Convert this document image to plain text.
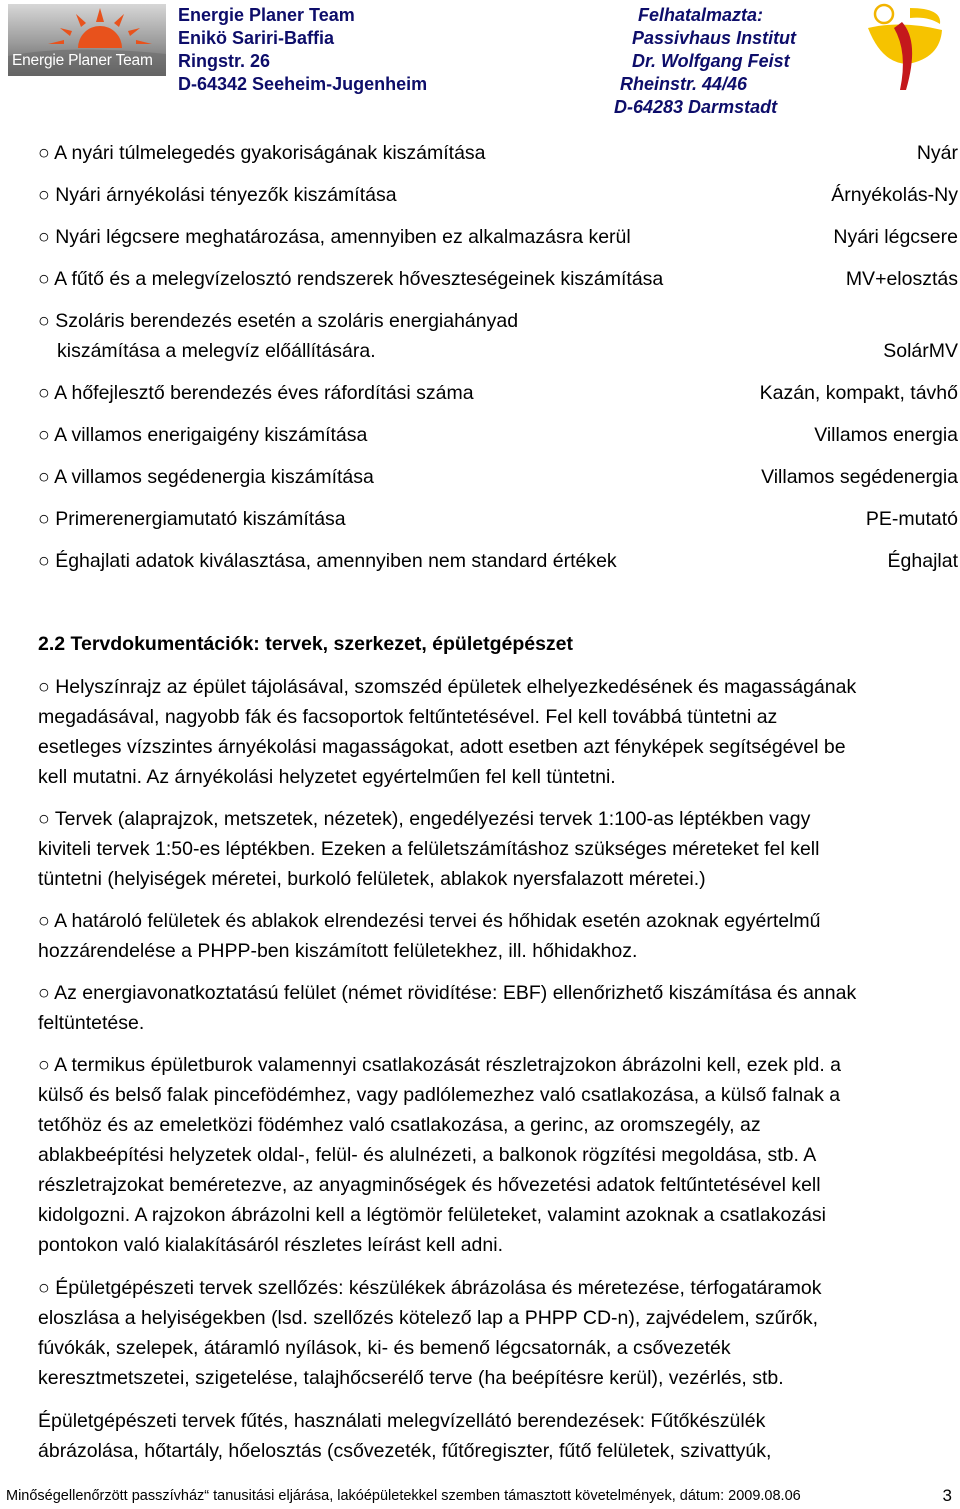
Energie Planer Team
Energie Planer Team
Enikö Sariri-Baffia
Ringstr. 26
D-64342 Seeheim-Jugenheim
Felhatalmazta:
Passivhaus Institut
Dr. Wolfgang Feist
Rheinstr. 44/46
D-64283 Darmstadt
○ A nyári túlmelegedés gyakoriságának kiszámítása	Nyár
○ Nyári árnyékolási tényezők kiszámítása	Árnyékolás-Ny
○ Nyári légcsere meghatározása, amennyiben ez alkalmazásra kerül	Nyári légcsere
○ A fűtő és a melegvízelosztó rendszerek hőveszteségeinek kiszámítása	MV+elosztás
○ Szoláris berendezés esetén a szoláris energiahányad
kiszámítása a melegvíz előállítására.	SolárMV
○ A hőfejlesztő berendezés éves ráfordítási száma	Kazán, kompakt, távhő
○ A villamos enerigaigény kiszámítása	Villamos energia
○ A villamos segédenergia kiszámítása	Villamos segédenergia
○ Primerenergiamutató kiszámítása	PE-mutató
○ Éghajlati adatok kiválasztása, amennyiben nem standard értékek	Éghajlat
2.2 Tervdokumentációk: tervek, szerkezet, épületgépészet
○ Helyszínrajz az épület tájolásával, szomszéd épületek elhelyezkedésének és magasságának
megadásával, nagyobb fák és facsoportok feltűntetésével. Fel kell továbbá tüntetni az
esetleges vízszintes árnyékolási magasságokat, adott esetben azt fényképek segítségével be
kell mutatni. Az árnyékolási helyzetet egyértelműen fel kell tüntetni.
○ Tervek (alaprajzok, metszetek, nézetek), engedélyezési tervek 1:100-as léptékben vagy
kiviteli tervek 1:50-es léptékben. Ezeken a felületszámításhoz szükséges méreteket fel kell
tüntetni (helyiségek méretei, burkoló felületek, ablakok nyersfalazott méretei.)
○ A határoló felületek és ablakok elrendezési tervei és hőhidak esetén azoknak egyértelmű
hozzárendelése a PHPP-ben kiszámított felületekhez, ill. hőhidakhoz.
○ Az energiavonatkoztatású felület (német rövidítése: EBF) ellenőrizhető kiszámítása és annak
feltüntetése.
○ A termikus épületburok valamennyi csatlakozását részletrajzokon ábrázolni kell, ezek pld. a
külső és belső falak pincefödémhez, vagy padlólemezhez való csatlakozása, a külső falnak a
tetőhöz és az emeletközi födémhez való csatlakozása, a gerinc, az oromszegély, az
ablakbeépítési helyzetek oldal-, felül- és alulnézeti, a balkonok rögzítési megoldása, stb. A
részletrajzokat beméretezve, az anyagminőségek és hővezetési adatok feltűntetésével kell
kidolgozni. A rajzokon ábrázolni kell a légtömör felületeket, valamint azoknak a csatlakozási
pontokon való kialakításáról részletes leírást kell adni.
○ Épületgépészeti tervek szellőzés: készülékek ábrázolása és méretezése, térfogatáramok
eloszlása a helyiségekben (lsd. szellőzés kötelező lap a PHPP CD-n), zajvédelem, szűrők,
fúvókák, szelepek, átáramló nyílások, ki- és bemenő légcsatornák, a csővezeték
keresztmetszetei, szigetelése, talajhőcserélő terve (ha beépítésre kerül), vezérlés, stb.
Épületgépészeti tervek fűtés, használati melegvízellátó berendezések: Fűtőkészülék
ábrázolása, hőtartály, hőelosztás (csővezeték, fűtőregiszter, fűtő felületek, szivattyúk,
Minőségellenőrzött passzívház“ tanusitási eljárása, lakóépületekkel szemben támasztott követelmények, dátum: 2009.08.06	3
